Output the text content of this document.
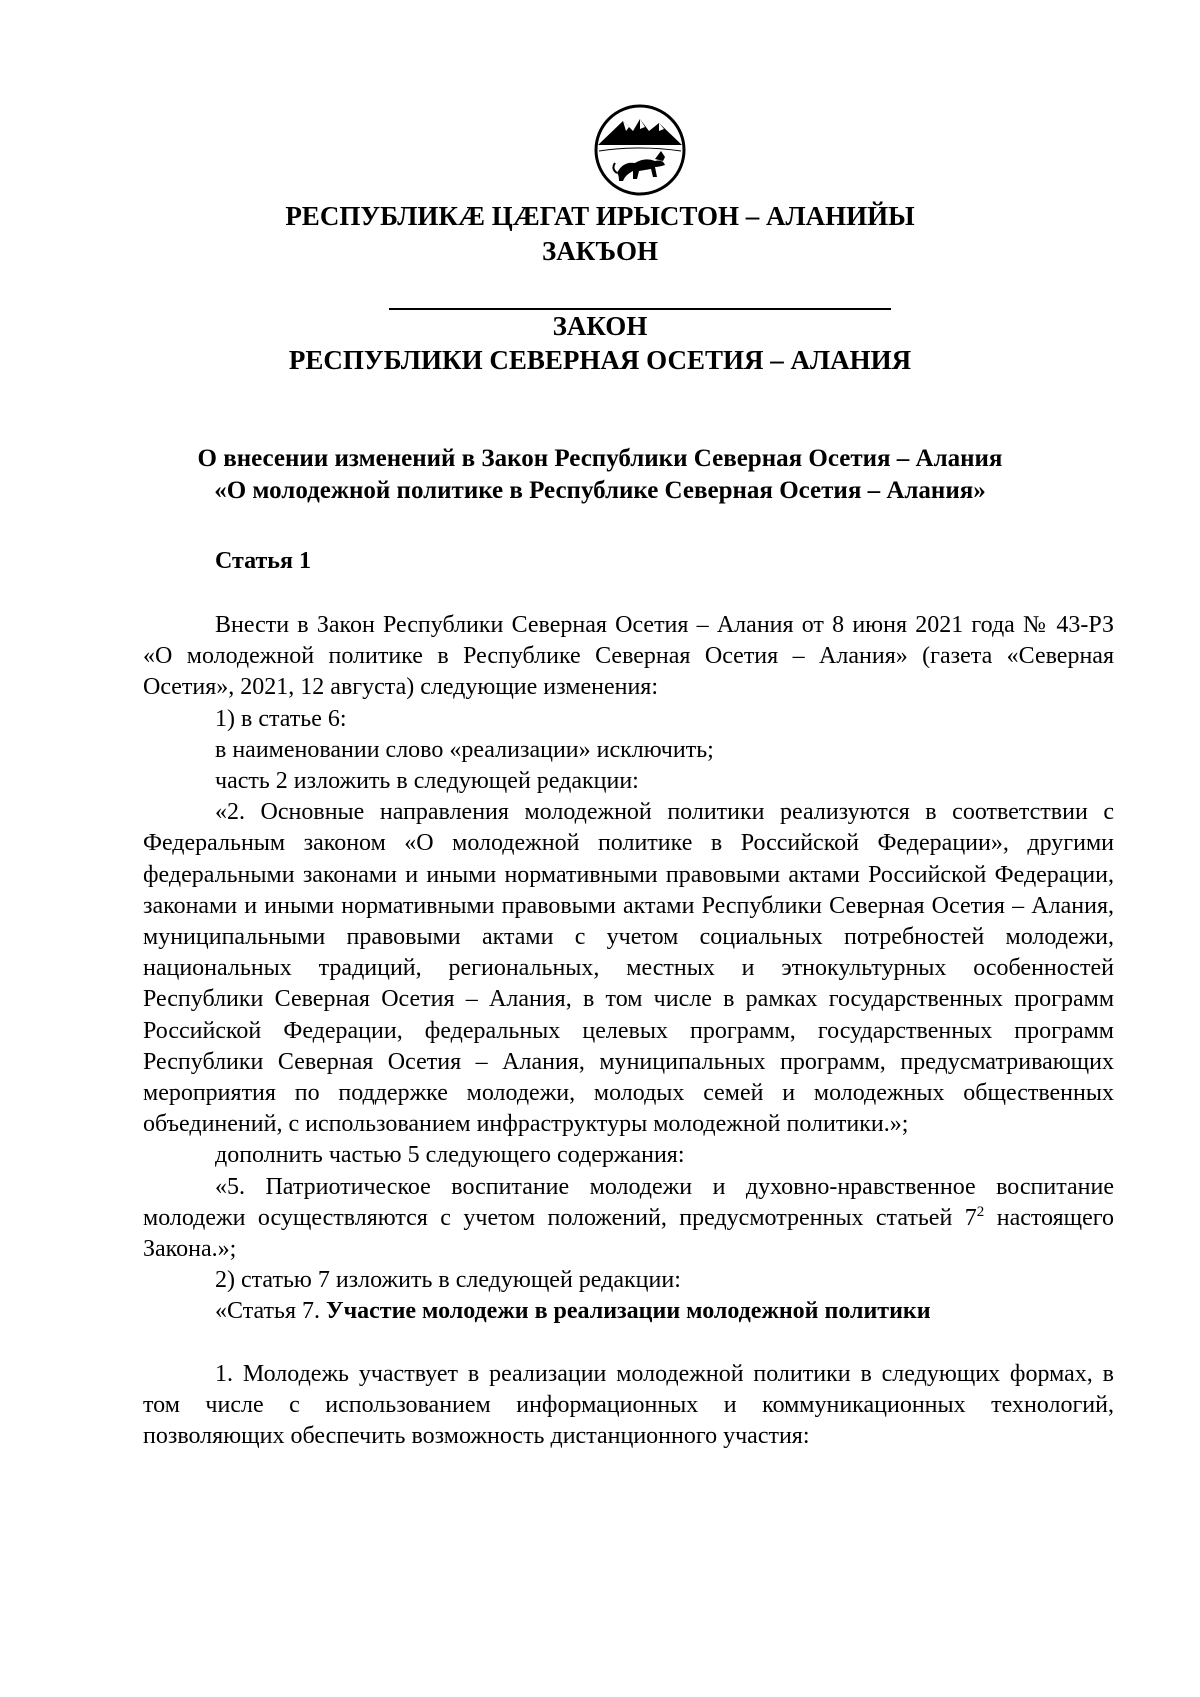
РЕСПУБЛИКÆ ЦÆГАТ ИРЫСТОН – АЛАНИЙЫ
ЗАКЪОН
ЗАКОН
РЕСПУБЛИКИ СЕВЕРНАЯ ОСЕТИЯ – АЛАНИЯ
О внесении изменений в Закон Республики Северная Осетия – Алания
«О молодежной политике в Республике Северная Осетия – Алания»
Статья 1

Внести в Закон Республики Северная Осетия – Алания от 8 июня 2021 года № 43-РЗ «О молодежной политике в Республике Северная Осетия – Алания» (газета «Северная Осетия», 2021, 12 августа) следующие изменения:

1) в статье 6:

в наименовании слово «реализации» исключить;

часть 2 изложить в следующей редакции:

«2. Основные направления молодежной политики реализуются в соответствии с Федеральным законом «О молодежной политике в Российской Федерации», другими федеральными законами и иными нормативными правовыми актами Российской Федерации, законами и иными нормативными правовыми актами Республики Северная Осетия – Алания, муниципальными правовыми актами с учетом социальных потребностей молодежи, национальных традиций, региональных, местных и этнокультурных особенностей Республики Северная Осетия – Алания, в том числе в рамках государственных программ Российской Федерации, федеральных целевых программ, государственных программ Республики Северная Осетия – Алания, муниципальных программ, предусматривающих мероприятия по поддержке молодежи, молодых семей и молодежных общественных объединений, с использованием инфраструктуры молодежной политики.»;

дополнить частью 5 следующего содержания:

«5. Патриотическое воспитание молодежи и духовно-нравственное воспитание молодежи осуществляются с учетом положений, предусмотренных статьей $7^2$ настоящего Закона.»;

2) статью 7 изложить в следующей редакции:

«Статья 7. Участие молодежи в реализации молодежной политики

1. Молодежь участвует в реализации молодежной политики в следующих формах, в том числе с использованием информационных и коммуникационных технологий, позволяющих обеспечить возможность дистанционного участия:
